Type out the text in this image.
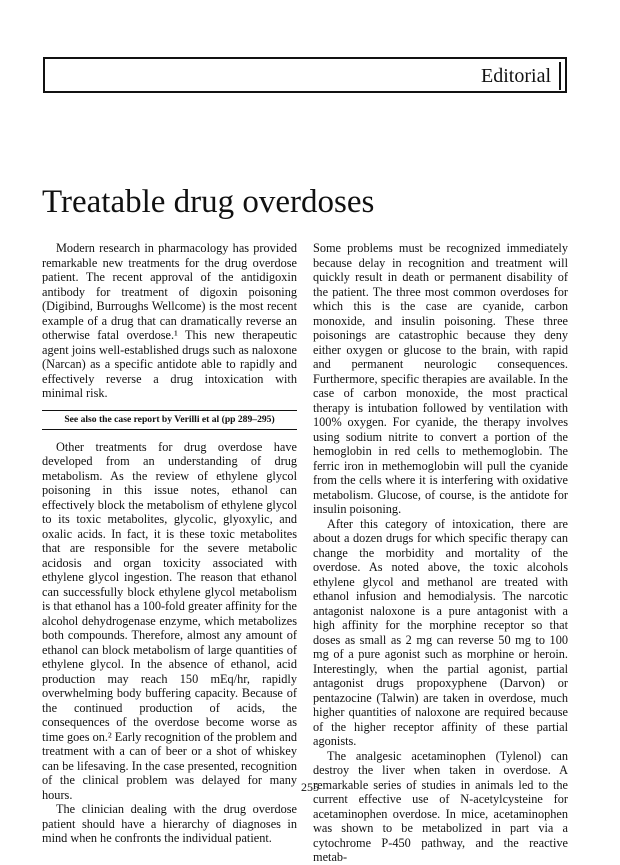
Editorial
Treatable drug overdoses

Modern research in pharmacology has provided remarkable new treatments for the drug overdose patient. The recent approval of the antidigoxin antibody for treatment of digoxin poisoning (Digibind, Burroughs Wellcome) is the most recent example of a drug that can dramatically reverse an otherwise fatal overdose.¹ This new therapeutic agent joins well-established drugs such as naloxone (Narcan) as a specific antidote able to rapidly and effectively reverse a drug intoxication with minimal risk.

See also the case report by Verilli et al (pp 289–295)

Other treatments for drug overdose have developed from an understanding of drug metabolism. As the review of ethylene glycol poisoning in this issue notes, ethanol can effectively block the metabolism of ethylene glycol to its toxic metabolites, glycolic, glyoxylic, and oxalic acids. In fact, it is these toxic metabolites that are responsible for the severe metabolic acidosis and organ toxicity associated with ethylene glycol ingestion. The reason that ethanol can successfully block ethylene glycol metabolism is that ethanol has a 100-fold greater affinity for the alcohol dehydrogenase enzyme, which metabolizes both compounds. Therefore, almost any amount of ethanol can block metabolism of large quantities of ethylene glycol. In the absence of ethanol, acid production may reach 150 mEq/hr, rapidly overwhelming body buffering capacity. Because of the continued production of acids, the consequences of the overdose become worse as time goes on.² Early recognition of the problem and treatment with a can of beer or a shot of whiskey can be lifesaving. In the case presented, recognition of the clinical problem was delayed for many hours.

The clinician dealing with the drug overdose patient should have a hierarchy of diagnoses in mind when he confronts the individual patient.

Some problems must be recognized immediately because delay in recognition and treatment will quickly result in death or permanent disability of the patient. The three most common overdoses for which this is the case are cyanide, carbon monoxide, and insulin poisoning. These three poisonings are catastrophic because they deny either oxygen or glucose to the brain, with rapid and permanent neurologic consequences. Furthermore, specific therapies are available. In the case of carbon monoxide, the most practical therapy is intubation followed by ventilation with 100% oxygen. For cyanide, the therapy involves using sodium nitrite to convert a portion of the hemoglobin in red cells to methemoglobin. The ferric iron in methemoglobin will pull the cyanide from the cells where it is interfering with oxidative metabolism. Glucose, of course, is the antidote for insulin poisoning.

After this category of intoxication, there are about a dozen drugs for which specific therapy can change the morbidity and mortality of the overdose. As noted above, the toxic alcohols ethylene glycol and methanol are treated with ethanol infusion and hemodialysis. The narcotic antagonist naloxone is a pure antagonist with a high affinity for the morphine receptor so that doses as small as 2 mg can reverse 50 mg to 100 mg of a pure agonist such as morphine or heroin. Interestingly, when the partial agonist, partial antagonist drugs propoxyphene (Darvon) or pentazocine (Talwin) are taken in overdose, much higher quantities of naloxone are required because of the higher receptor affinity of these partial agonists.

The analgesic acetaminophen (Tylenol) can destroy the liver when taken in overdose. A remarkable series of studies in animals led to the current effective use of N-acetylcysteine for acetaminophen overdose. In mice, acetaminophen was shown to be metabolized in part via a cytochrome P-450 pathway, and the reactive metab-

255
